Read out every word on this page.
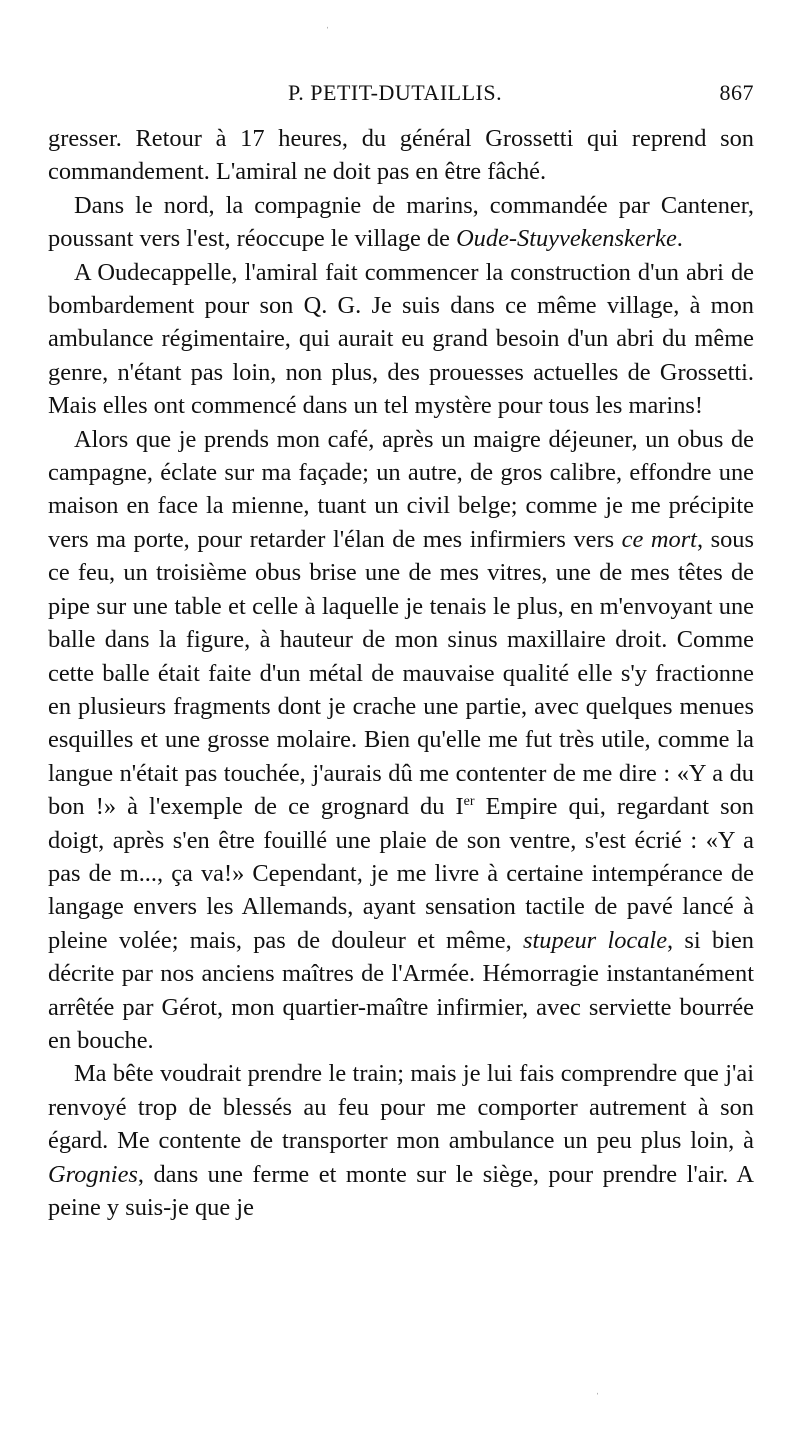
ˌ
P. PETIT-DUTAILLIS.	867

gresser. Retour à 17 heures, du général Grossetti qui reprend son commandement. L'amiral ne doit pas en être fâché.

Dans le nord, la compagnie de marins, commandée par Cantener, poussant vers l'est, réoccupe le village de Oude-Stuyvekenskerke.

A Oudecappelle, l'amiral fait commencer la construction d'un abri de bombardement pour son Q. G. Je suis dans ce même village, à mon ambulance régimentaire, qui aurait eu grand besoin d'un abri du même genre, n'étant pas loin, non plus, des prouesses actuelles de Grossetti. Mais elles ont commencé dans un tel mystère pour tous les marins!

Alors que je prends mon café, après un maigre déjeuner, un obus de campagne, éclate sur ma façade; un autre, de gros calibre, effondre une maison en face la mienne, tuant un civil belge; comme je me précipite vers ma porte, pour retarder l'élan de mes infirmiers vers ce mort, sous ce feu, un troisième obus brise une de mes vitres, une de mes têtes de pipe sur une table et celle à laquelle je tenais le plus, en m'envoyant une balle dans la figure, à hauteur de mon sinus maxillaire droit. Comme cette balle était faite d'un métal de mauvaise qualité elle s'y fractionne en plusieurs fragments dont je crache une partie, avec quelques menues esquilles et une grosse molaire. Bien qu'elle me fut très utile, comme la langue n'était pas touchée, j'aurais dû me contenter de me dire : «Y a du bon !» à l'exemple de ce grognard du Ier Empire qui, regardant son doigt, après s'en être fouillé une plaie de son ventre, s'est écrié : «Y a pas de m..., ça va!» Cependant, je me livre à certaine intempérance de langage envers les Allemands, ayant sensation tactile de pavé lancé à pleine volée; mais, pas de douleur et même, stupeur locale, si bien décrite par nos anciens maîtres de l'Armée. Hémorragie instantanément arrêtée par Gérot, mon quartier-maître infirmier, avec serviette bourrée en bouche.

Ma bête voudrait prendre le train; mais je lui fais comprendre que j'ai renvoyé trop de blessés au feu pour me comporter autrement à son égard. Me contente de transporter mon ambulance un peu plus loin, à Grognies, dans une ferme et monte sur le siège, pour prendre l'air. A peine y suis-je que je

ˌ
